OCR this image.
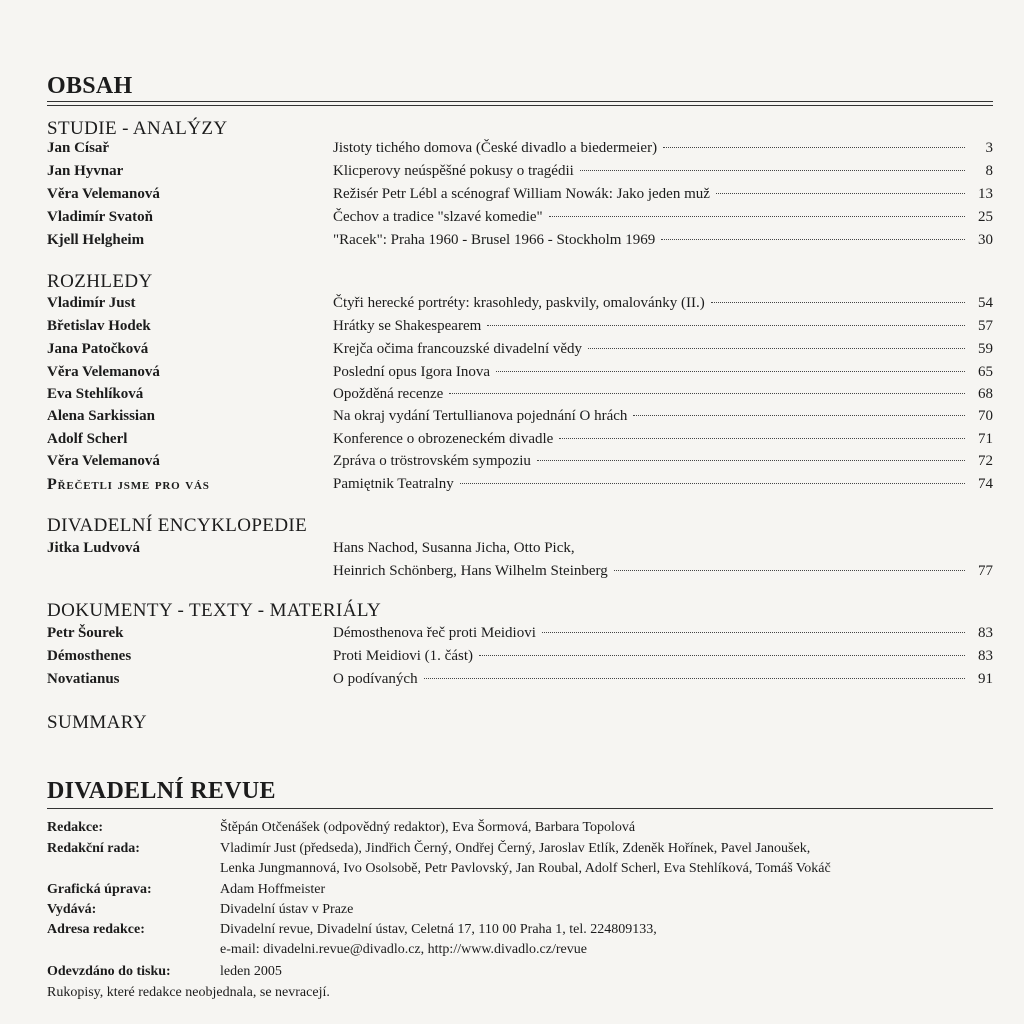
OBSAH
STUDIE - ANALÝZY
Jan Císař	Jistoty tichého domova (České divadlo a biedermeier)	3
Jan Hyvnar	Klicperovy neúspěšné pokusy o tragédii	8
Věra Velemanová	Režisér Petr Lébl a scénograf William Nowák: Jako jeden muž	13
Vladimír Svatoň	Čechov a tradice "slzavé komedie"	25
Kjell Helgheim	"Racek": Praha 1960 - Brusel 1966 - Stockholm 1969	30
ROZHLEDY
Vladimír Just	Čtyři herecké portréty: krasohledy, paskvily, omalovánky (II.)	54
Břetislav Hodek	Hrátky se Shakespearem	57
Jana Patočková	Krejča očima francouzské divadelní vědy	59
Věra Velemanová	Poslední opus Igora Inova	65
Eva Stehlíková	Opožděná recenze	68
Alena Sarkissian	Na okraj vydání Tertullianova pojednání O hrách	70
Adolf Scherl	Konference o obrozeneckém divadle	71
Věra Velemanová	Zpráva o tröstrovském sympoziu	72
Přečetli jsme pro vás	Pamiętnik Teatralny	74
DIVADELNÍ ENCYKLOPEDIE
Jitka Ludvová	Hans Nachod, Susanna Jicha, Otto Pick,
Heinrich Schönberg, Hans Wilhelm Steinberg	77
DOKUMENTY - TEXTY - MATERIÁLY
Petr Šourek	Démosthenova řeč proti Meidiovi	83
Démosthenes	Proti Meidiovi (1. část)	83
Novatianus	O podívaných	91
SUMMARY
DIVADELNÍ REVUE
Redakce:	Štěpán Otčenášek (odpovědný redaktor), Eva Šormová, Barbara Topolová
Redakční rada:	Vladimír Just (předseda), Jindřich Černý, Ondřej Černý, Jaroslav Etlík, Zdeněk Hořínek, Pavel Janoušek,
Lenka Jungmannová, Ivo Osolsobě, Petr Pavlovský, Jan Roubal, Adolf Scherl, Eva Stehlíková, Tomáš Vokáč
Grafická úprava:	Adam Hoffmeister
Vydává:	Divadelní ústav v Praze
Adresa redakce:	Divadelní revue, Divadelní ústav, Celetná 17, 110 00 Praha 1, tel. 224809133,
e-mail: divadelni.revue@divadlo.cz, http://www.divadlo.cz/revue
Odevzdáno do tisku:	leden 2005
Rukopisy, které redakce neobjednala, se nevracejí.
